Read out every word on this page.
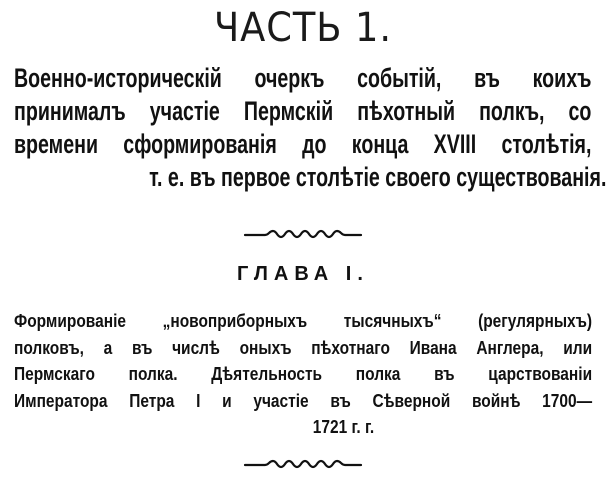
ЧАСТЬ 1.
Военно-историческій очеркъ событій, въ коихъ
принималъ участіе Пермскій пѣхотный полкъ, со
времени сформированія до конца XVIII столѣтія,
т. е. въ первое столѣтіе своего существованія.
ГЛАВА I.
Формированіе „новоприборныхъ тысячныхъ“ (регулярныхъ)
полковъ, а въ числѣ оныхъ пѣхотнаго Ивана Англера, или
Пермскаго полка. Дѣятельность полка въ царствованіи
Императора Петра I и участіе въ Сѣверной войнѣ 1700—
1721 г. г.
